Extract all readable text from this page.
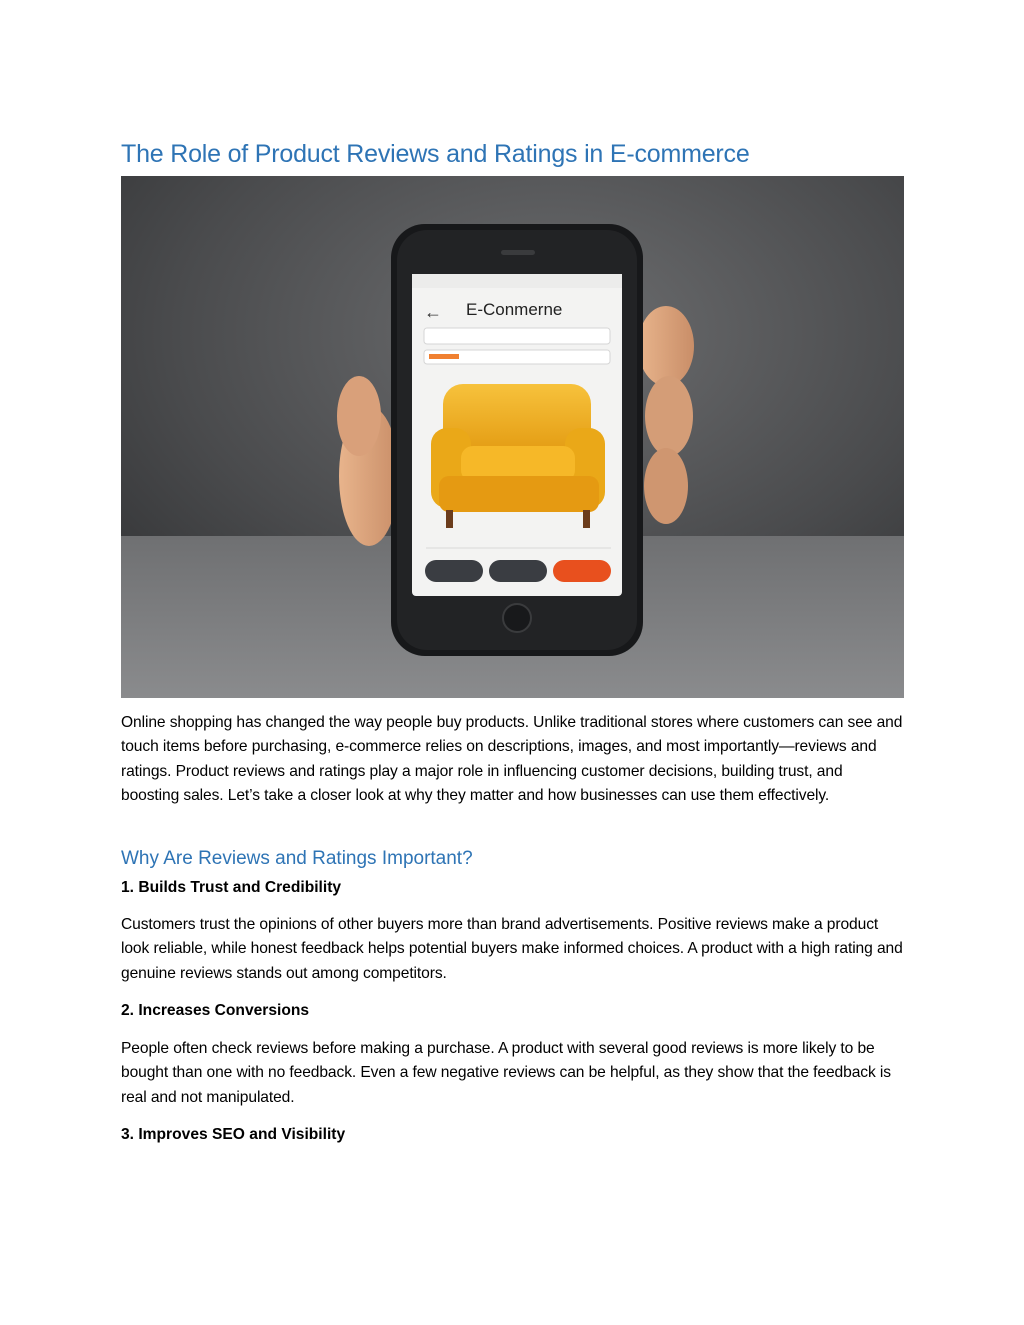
The Role of Product Reviews and Ratings in E-commerce
← E-Conmerne

Online shopping has changed the way people buy products. Unlike traditional stores where customers can see and touch items before purchasing, e-commerce relies on descriptions, images, and most importantly—reviews and ratings. Product reviews and ratings play a major role in influencing customer decisions, building trust, and boosting sales. Let’s take a closer look at why they matter and how businesses can use them effectively.

Why Are Reviews and Ratings Important?

1. Builds Trust and Credibility

Customers trust the opinions of other buyers more than brand advertisements. Positive reviews make a product look reliable, while honest feedback helps potential buyers make informed choices. A product with a high rating and genuine reviews stands out among competitors.

2. Increases Conversions

People often check reviews before making a purchase. A product with several good reviews is more likely to be bought than one with no feedback. Even a few negative reviews can be helpful, as they show that the feedback is real and not manipulated.

3. Improves SEO and Visibility
